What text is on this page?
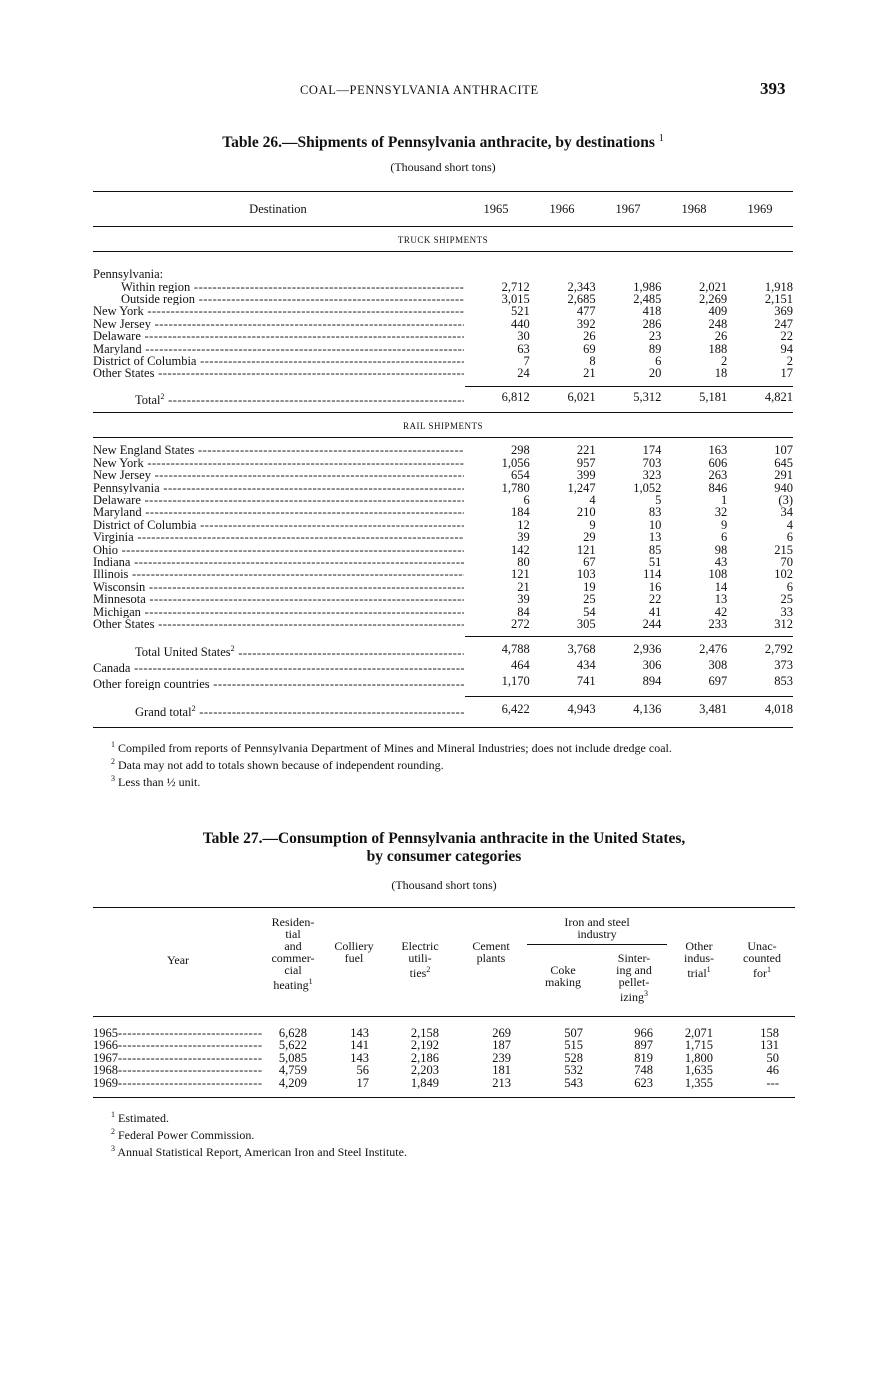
COAL—PENNSYLVANIA ANTHRACITE	393
Table 26.—Shipments of Pennsylvania anthracite, by destinations $^1$
(Thousand short tons)
Destination	1965	1966	1967	1968	1969
TRUCK SHIPMENTS
Pennsylvania:
Within region -----	2,712	2,343	1,986	2,021	1,918
Outside region -----	3,015	2,685	2,485	2,269	2,151
New York -----	521	477	418	409	369
New Jersey -----	440	392	286	248	247
Delaware -----	30	26	23	26	22
Maryland -----	63	69	89	188	94
District of Columbia -----	7	8	6	2	2
Other States -----	24	21	20	18	17
Total$^2$ -----	6,812	6,021	5,312	5,181	4,821
RAIL SHIPMENTS
New England States -----	298	221	174	163	107
New York -----	1,056	957	703	606	645
New Jersey -----	654	399	323	263	291
Pennsylvania -----	1,780	1,247	1,052	846	940
Delaware -----	6	4	5	1	(3)
Maryland -----	184	210	83	32	34
District of Columbia -----	12	9	10	9	4
Virginia -----	39	29	13	6	6
Ohio -----	142	121	85	98	215
Indiana -----	80	67	51	43	70
Illinois -----	121	103	114	108	102
Wisconsin -----	21	19	16	14	6
Minnesota -----	39	25	22	13	25
Michigan -----	84	54	41	42	33
Other States -----	272	305	244	233	312
Total United States$^2$ -----	4,788	3,768	2,936	2,476	2,792
Canada -----	464	434	306	308	373
Other foreign countries -----	1,170	741	894	697	853
Grand total$^2$ -----	6,422	4,943	4,136	3,481	4,018
$^1$ Compiled from reports of Pennsylvania Department of Mines and Mineral Industries; does not include dredge coal.
$^2$ Data may not add to totals shown because of independent rounding.
$^3$ Less than ½ unit.
Table 27.—Consumption of Pennsylvania anthracite in the United States,
by consumer categories
(Thousand short tons)
Year
Residen-
tial
and
commer-
cial
heating$^1$
Colliery
fuel
Electric
utili-
ties$^2$
Cement
plants
Coke
making
Sinter-
ing and
pellet-
izing$^3$
Other
indus-
trial$^1$
Unac-
counted
for$^1$
Iron and steel
industry
1965 -----	6,628	143	2,158	269	507	966	2,071	158
1966 -----	5,622	141	2,192	187	515	897	1,715	131
1967 -----	5,085	143	2,186	239	528	819	1,800	50
1968 -----	4,759	56	2,203	181	532	748	1,635	46
1969 -----	4,209	17	1,849	213	543	623	1,355	---
$^1$ Estimated.
$^2$ Federal Power Commission.
$^3$ Annual Statistical Report, American Iron and Steel Institute.
